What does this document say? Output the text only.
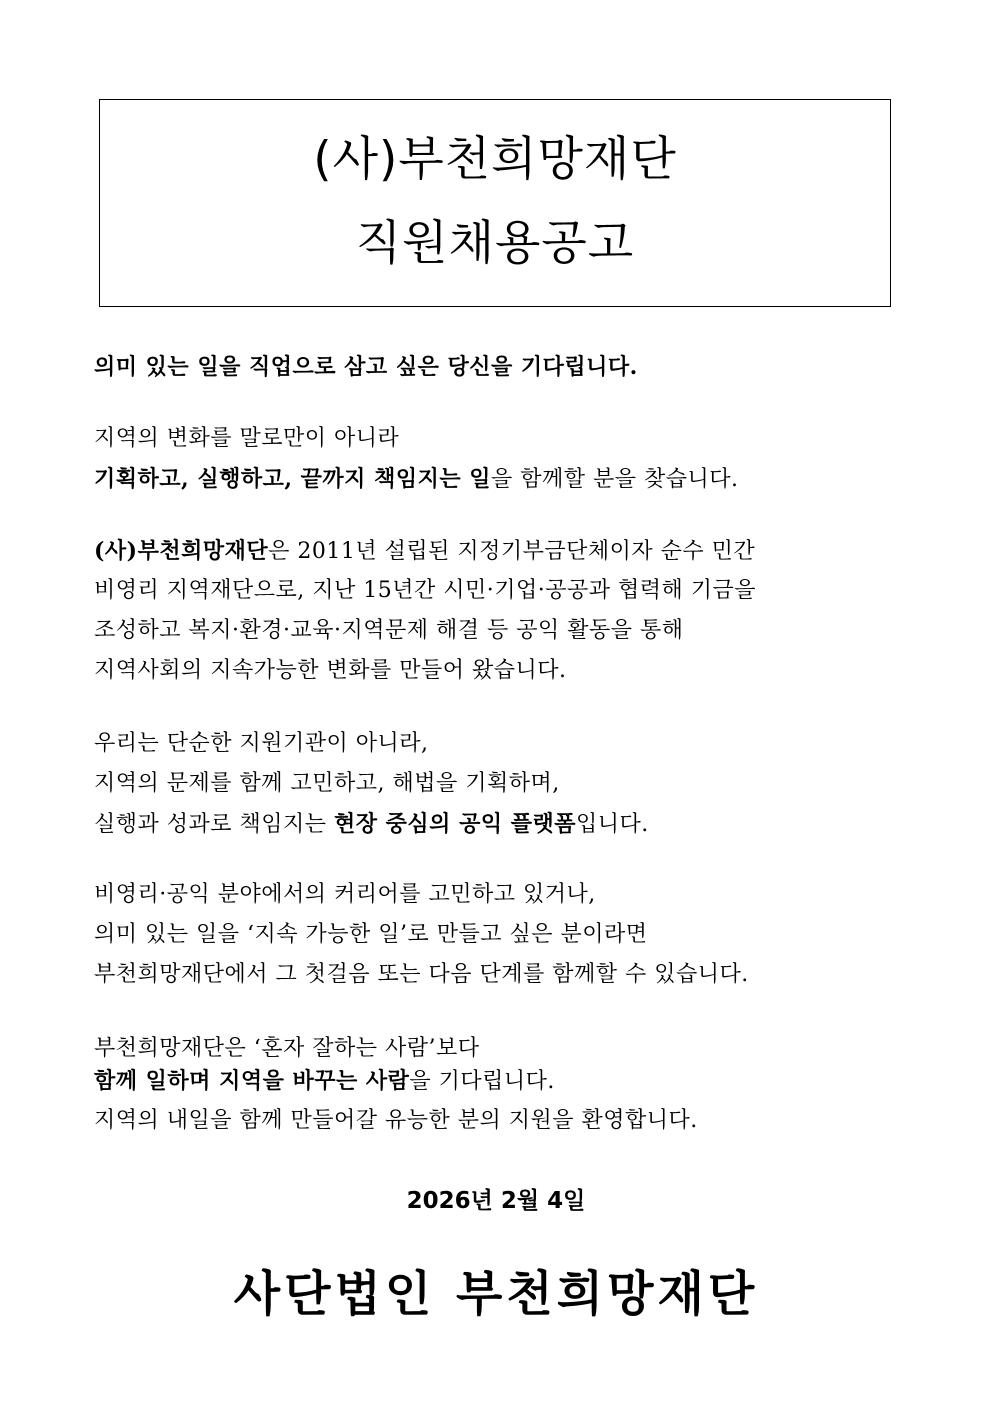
(사)부천희망재단
직원채용공고
의미 있는 일을 직업으로 삼고 싶은 당신을 기다립니다.
지역의 변화를 말로만이 아니라
기획하고, 실행하고, 끝까지 책임지는 일을 함께할 분을 찾습니다.
(사)부천희망재단은 2011년 설립된 지정기부금단체이자 순수 민간
비영리 지역재단으로, 지난 15년간 시민·기업·공공과 협력해 기금을
조성하고 복지·환경·교육·지역문제 해결 등 공익 활동을 통해
지역사회의 지속가능한 변화를 만들어 왔습니다.
우리는 단순한 지원기관이 아니라,
지역의 문제를 함께 고민하고, 해법을 기획하며,
실행과 성과로 책임지는 현장 중심의 공익 플랫폼입니다.
비영리·공익 분야에서의 커리어를 고민하고 있거나,
의미 있는 일을 ‘지속 가능한 일’로 만들고 싶은 분이라면
부천희망재단에서 그 첫걸음 또는 다음 단계를 함께할 수 있습니다.
부천희망재단은 ‘혼자 잘하는 사람’보다
함께 일하며 지역을 바꾸는 사람을 기다립니다.
지역의 내일을 함께 만들어갈 유능한 분의 지원을 환영합니다.
2026년 2월 4일
사단법인 부천희망재단
